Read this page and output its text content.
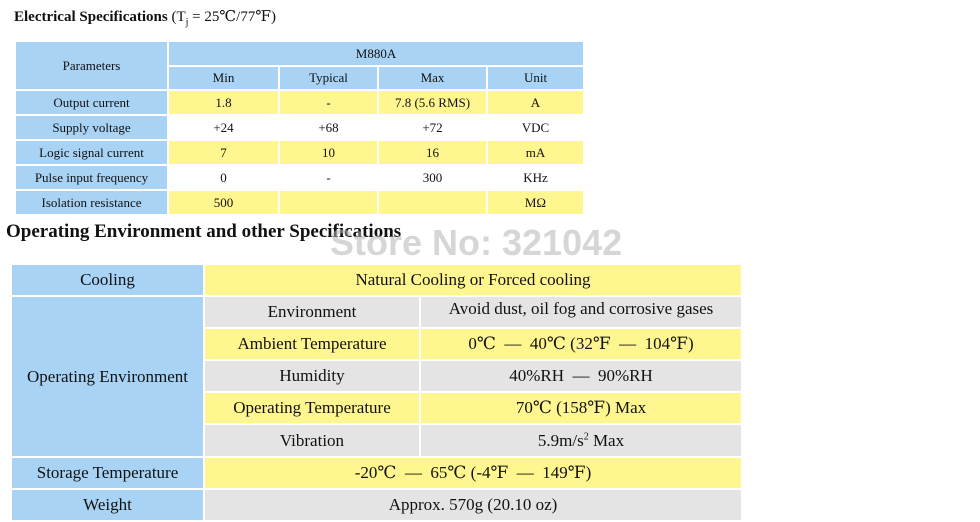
Electrical Specifications ($T_j$ = 25℃/77℉)
Parameters	M880A			
	Min	Typical	Max	Unit
Output current	1.8	-	7.8 (5.6 RMS)	A
Supply voltage	+24	+68	+72	VDC
Logic signal current	7	10	16	mA
Pulse input frequency	0	-	300	KHz
Isolation resistance	500			MΩ
Operating Environment and other Specifications
Store No: 321042
Cooling	Natural Cooling or Forced cooling	
Operating Environment	Environment	Avoid dust, oil fog and corrosive gases
	Ambient Temperature	0℃  —  40℃ (32℉  —  104℉)
	Humidity	40%RH  —  90%RH
	Operating Temperature	70℃ (158℉) Max
	Vibration	$5.9m/s^2$ Max
Storage Temperature	-20℃  —  65℃ (-4℉  —  149℉)	
Weight	Approx. 570g (20.10 oz)	
